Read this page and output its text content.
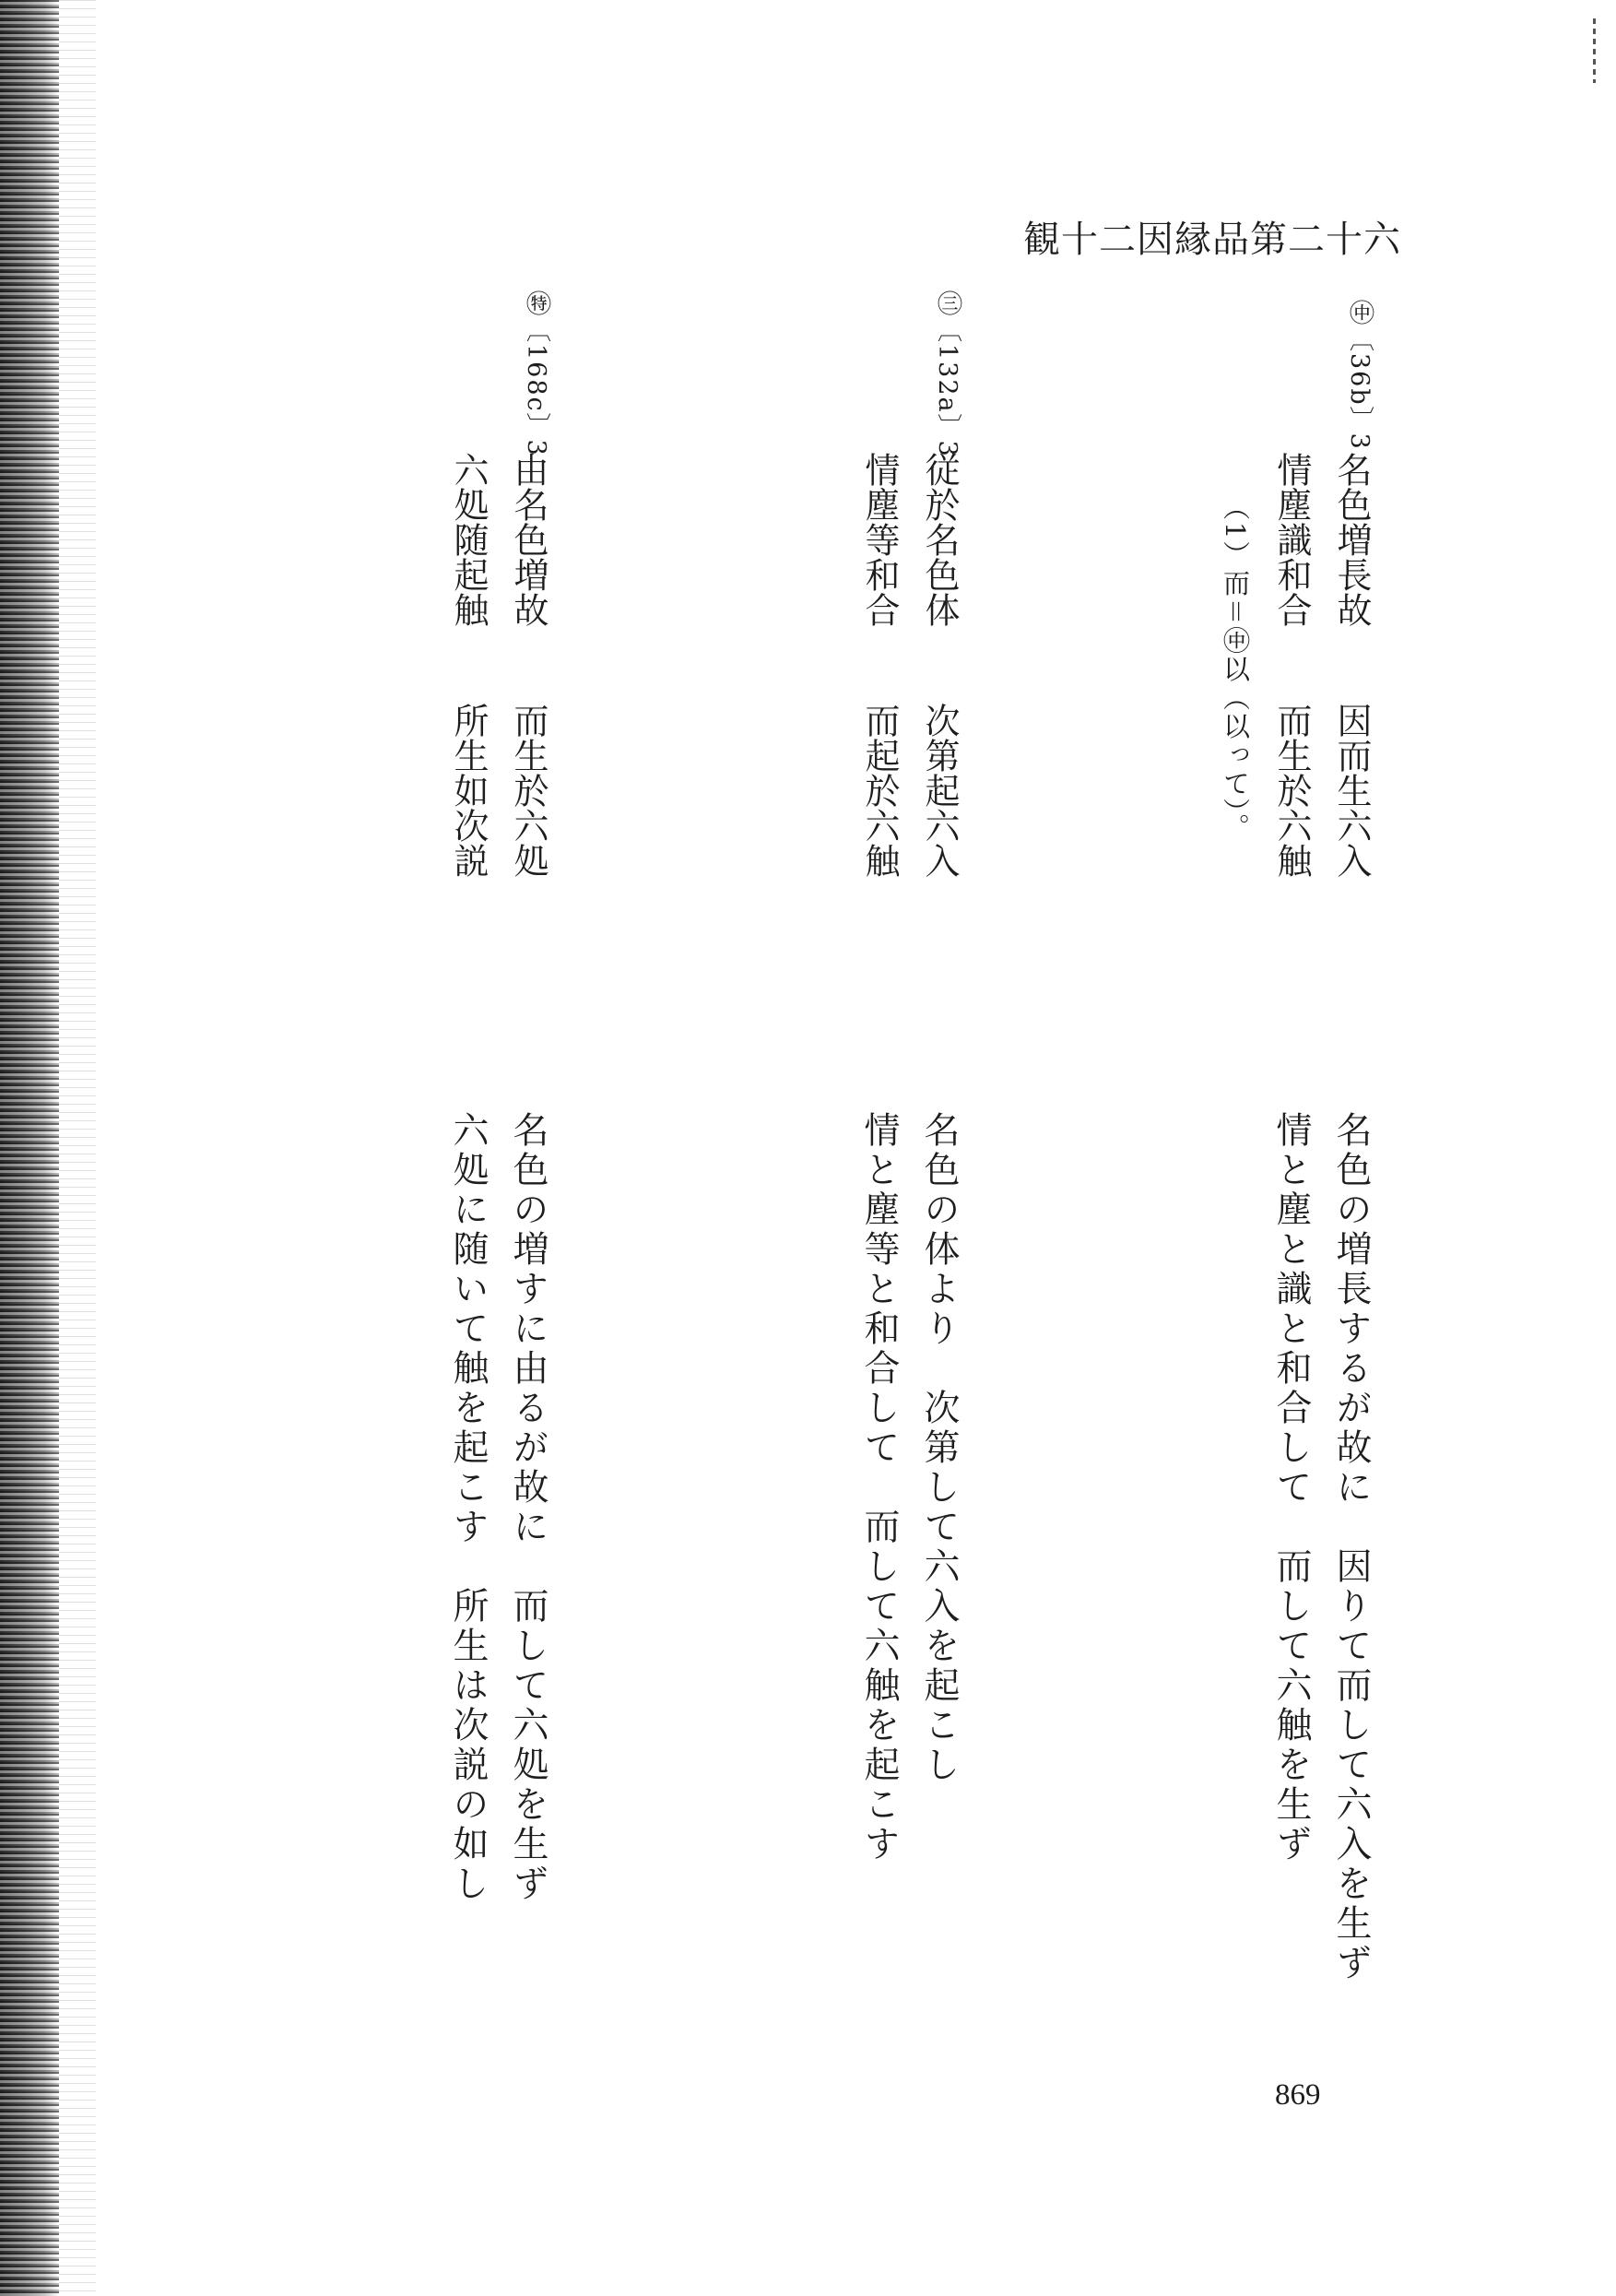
観十二因縁品第二十六
㊥〔36b〕3
名色増長故因而生六入
情塵識和合而生於六触
（1）而＝㊥以（以って）。
名色の増長するが故に　因りて而して六入を生ず
情と塵と識と和合して　而して六触を生ず
㊂〔132a〕3
従於名色体次第起六入
情塵等和合而起於六触
名色の体より　次第して六入を起こし
情と塵等と和合して　而して六触を起こす
㊕〔168c〕3
由名色増故而生於六処
六処随起触所生如次説
名色の増すに由るが故に　而して六処を生ず
六処に随いて触を起こす　所生は次説の如し
869
